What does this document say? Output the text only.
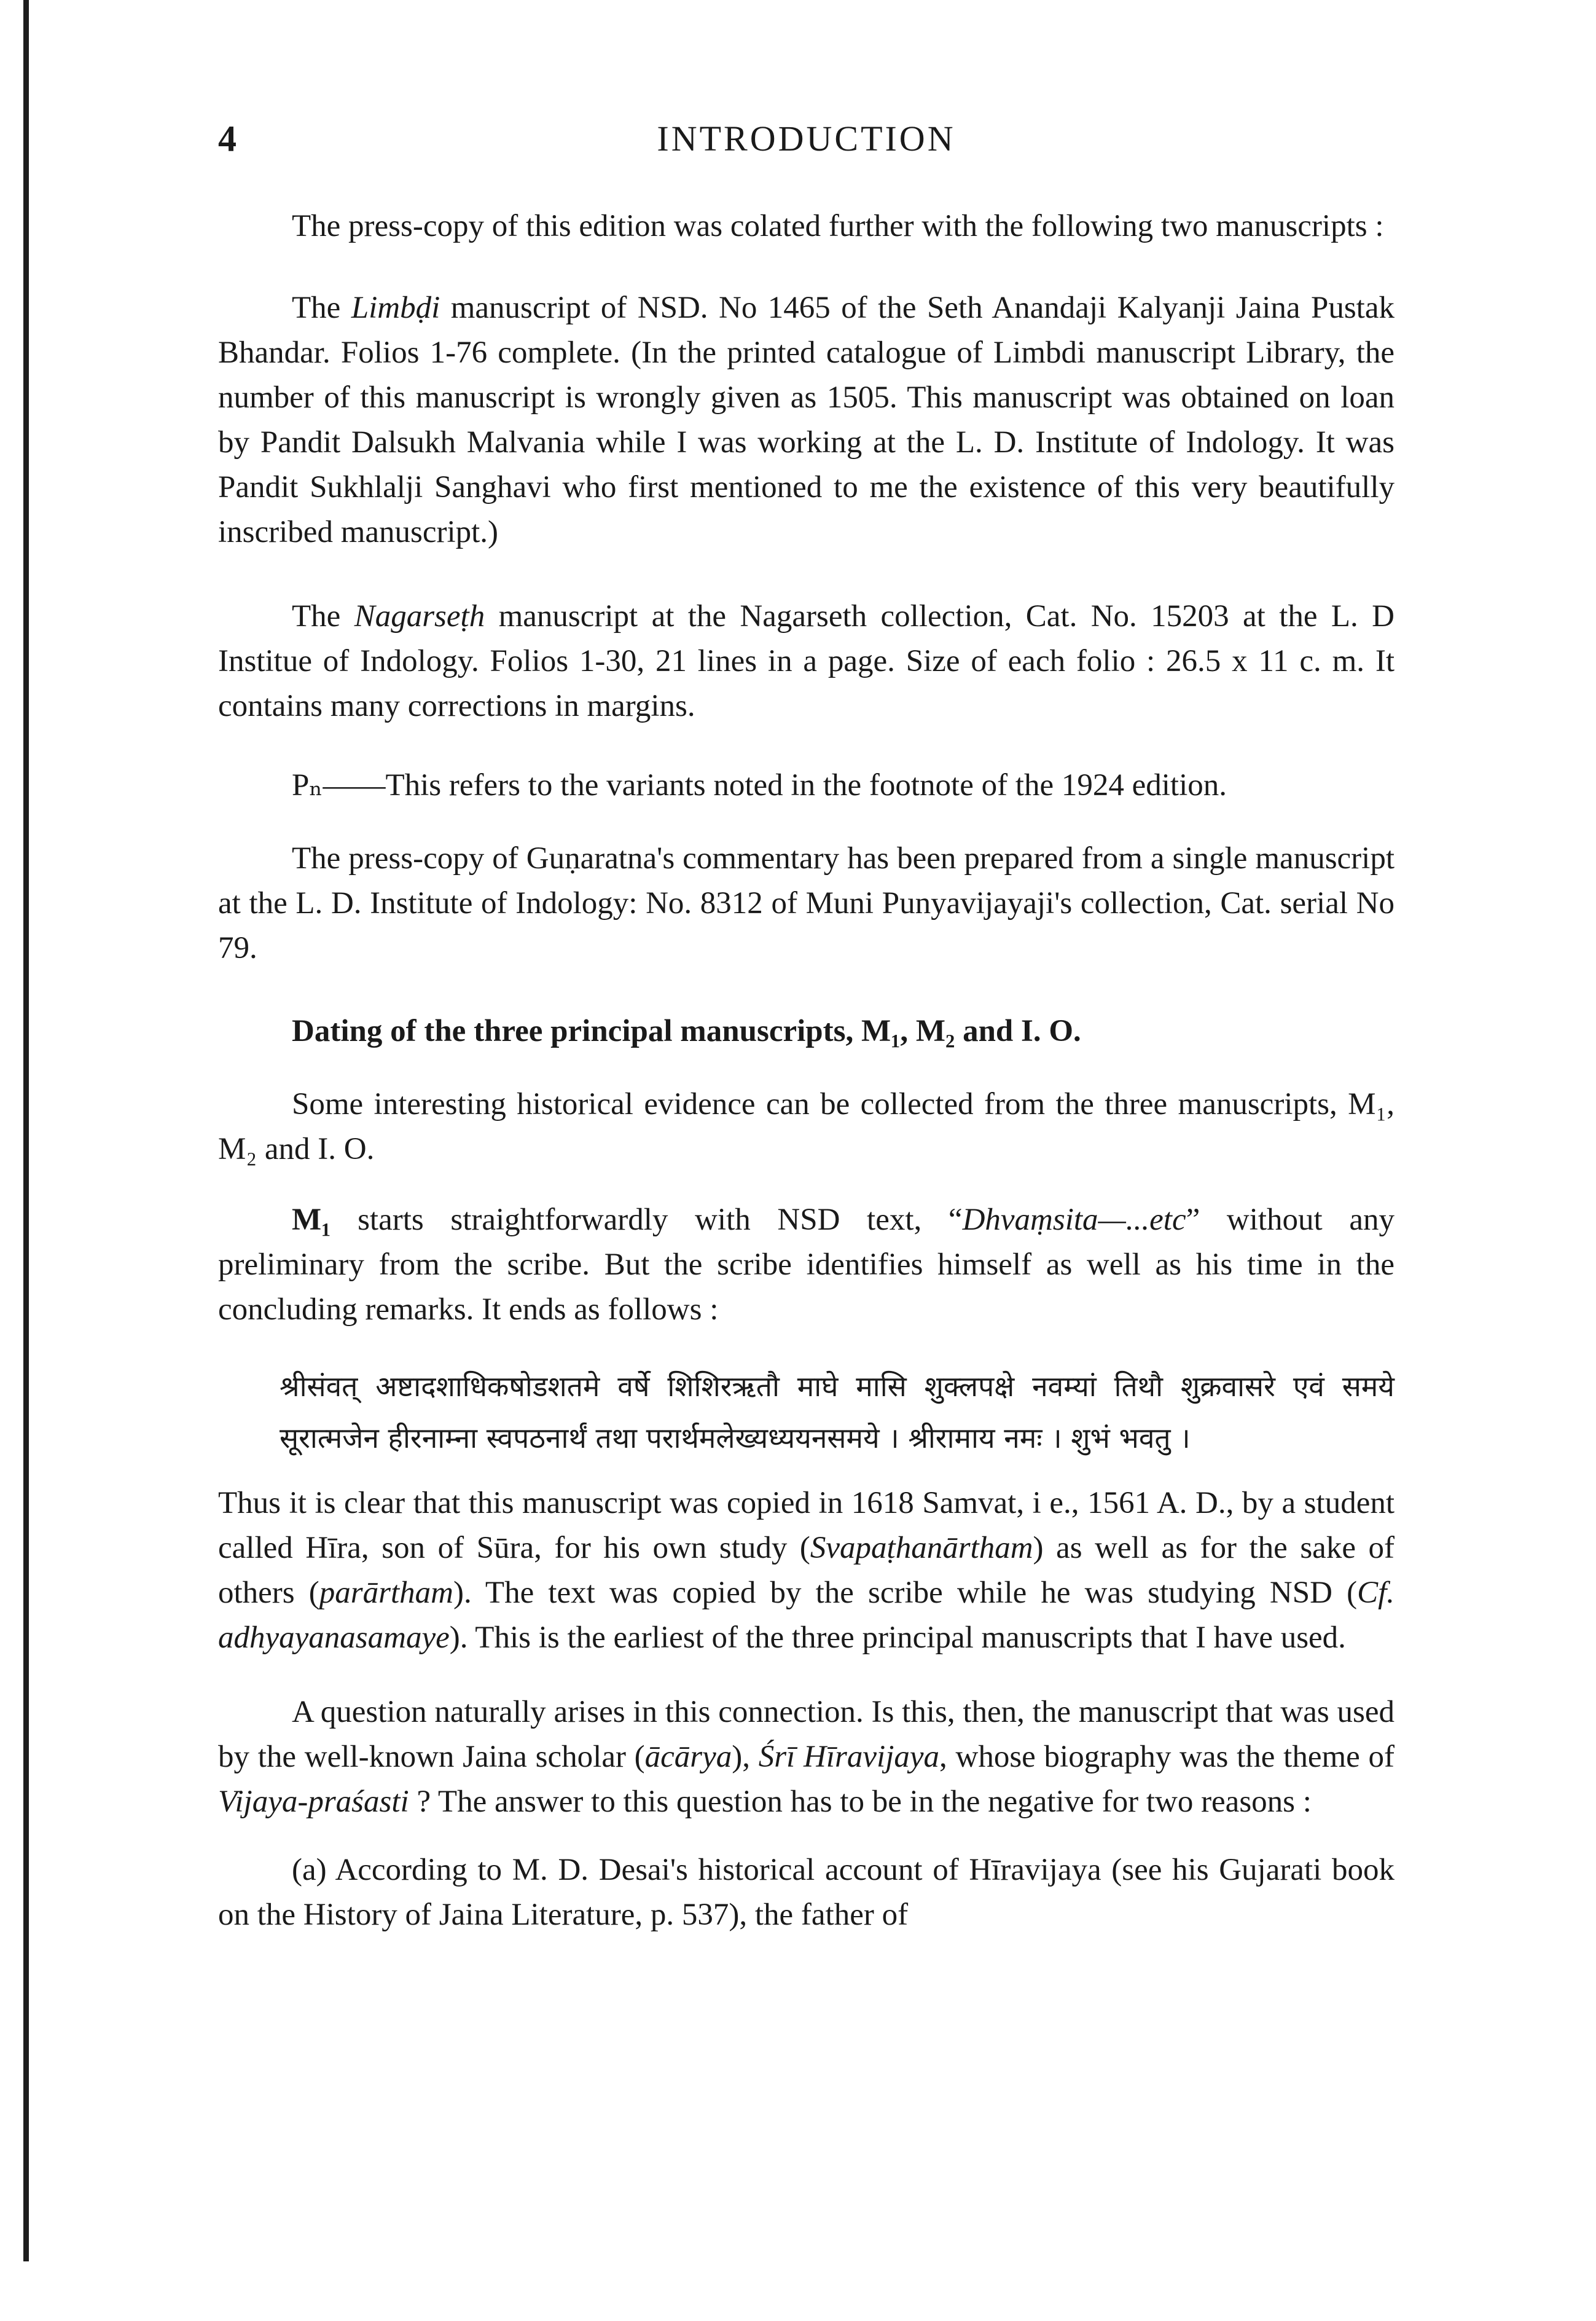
4	INTRODUCTION

The press-copy of this edition was colated further with the following two manuscripts :

The Limbḍi manuscript of NSD. No 1465 of the Seth Anandaji Kalyanji Jaina Pustak Bhandar. Folios 1-76 complete. (In the printed catalogue of Limbdi manuscript Library, the number of this manuscript is wrongly given as 1505. This manuscript was obtained on loan by Pandit Dalsukh Malvania while I was working at the L. D. Institute of Indology. It was Pandit Sukhlalji Sanghavi who first mentioned to me the existence of this very beautifully inscribed manuscript.)

The Nagarseṭh manuscript at the Nagarseth collection, Cat. No. 15203 at the L. D Institue of Indology. Folios 1-30, 21 lines in a page. Size of each folio : 26.5 x 11 c. m. It contains many corrections in margins.

Pₙ——This refers to the variants noted in the footnote of the 1924 edition.

The press-copy of Guṇaratna's commentary has been prepared from a single manuscript at the L. D. Institute of Indology: No. 8312 of Muni Punyavijayaji's collection, Cat. serial No 79.

Dating of the three principal manuscripts, M₁, M₂ and I. O.

Some interesting historical evidence can be collected from the three manuscripts, M₁, M₂ and I. O.

M₁ starts straightforwardly with NSD text, “Dhvaṃsita—...etc” without any preliminary from the scribe. But the scribe identifies himself as well as his time in the concluding remarks. It ends as follows :

श्रीसंवत् अष्टादशाधिकषोडशतमे वर्षे शिशिरऋतौ माघे मासि शुक्लपक्षे नवम्यां तिथौ शुक्रवासरे एवं समये सूरात्मजेन हीरनाम्ना स्वपठनार्थं तथा परार्थमलेख्यध्ययनसमये । श्रीरामाय नमः । शुभं भवतु ।

Thus it is clear that this manuscript was copied in 1618 Samvat, i e., 1561 A. D., by a student called Hīra, son of Sūra, for his own study (Svapaṭhanārtham) as well as for the sake of others (parārtham). The text was copied by the scribe while he was studying NSD (Cf. adhyayanasamaye). This is the earliest of the three principal manuscripts that I have used.

A question naturally arises in this connection. Is this, then, the manuscript that was used by the well-known Jaina scholar (ācārya), Śrī Hīravijaya, whose biography was the theme of Vijaya-praśasti ? The answer to this question has to be in the negative for two reasons :

(a) According to M. D. Desai's historical account of Hīravijaya (see his Gujarati book on the History of Jaina Literature, p. 537), the father of
